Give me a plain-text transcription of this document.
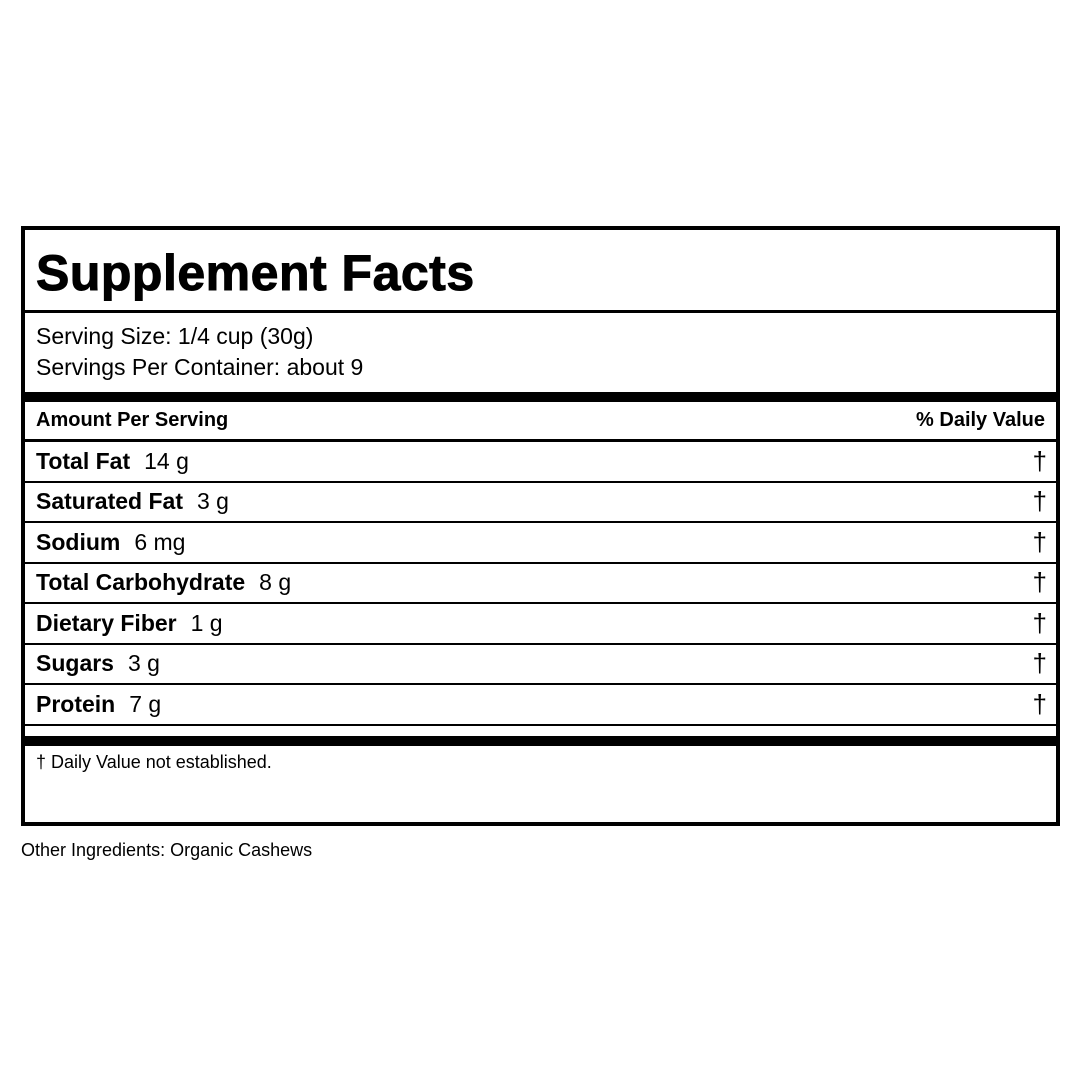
Supplement Facts
Serving Size: 1/4 cup (30g)
Servings Per Container: about 9
Amount Per Serving	% Daily Value
Total Fat 14 g	†
Saturated Fat 3 g	†
Sodium 6 mg	†
Total Carbohydrate 8 g	†
Dietary Fiber 1 g	†
Sugars 3 g	†
Protein 7 g	†
† Daily Value not established.
Other Ingredients: Organic Cashews
